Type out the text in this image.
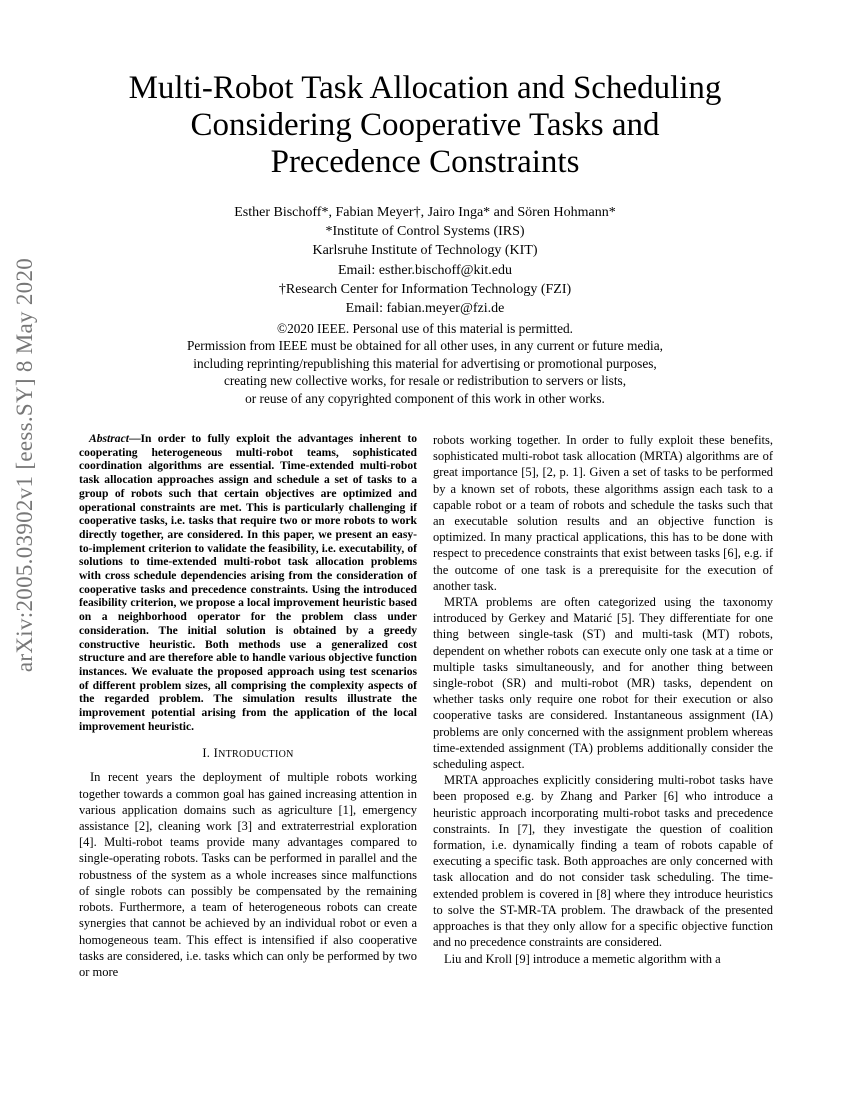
arXiv:2005.03902v1 [eess.SY] 8 May 2020
Multi-Robot Task Allocation and Scheduling
Considering Cooperative Tasks and
Precedence Constraints
Esther Bischoff*, Fabian Meyer†, Jairo Inga* and Sören Hohmann*
*Institute of Control Systems (IRS)
Karlsruhe Institute of Technology (KIT)
Email: esther.bischoff@kit.edu
†Research Center for Information Technology (FZI)
Email: fabian.meyer@fzi.de
©2020 IEEE. Personal use of this material is permitted.
Permission from IEEE must be obtained for all other uses, in any current or future media,
including reprinting/republishing this material for advertising or promotional purposes,
creating new collective works, for resale or redistribution to servers or lists,
or reuse of any copyrighted component of this work in other works.

Abstract—In order to fully exploit the advantages inherent to cooperating heterogeneous multi-robot teams, sophisticated coordination algorithms are essential. Time-extended multi-robot task allocation approaches assign and schedule a set of tasks to a group of robots such that certain objectives are optimized and operational constraints are met. This is particularly challenging if cooperative tasks, i.e. tasks that require two or more robots to work directly together, are considered. In this paper, we present an easy-to-implement criterion to validate the feasibility, i.e. executability, of solutions to time-extended multi-robot task allocation problems with cross schedule dependencies arising from the consideration of cooperative tasks and precedence constraints. Using the introduced feasibility criterion, we propose a local improvement heuristic based on a neighborhood operator for the problem class under consideration. The initial solution is obtained by a greedy constructive heuristic. Both methods use a generalized cost structure and are therefore able to handle various objective function instances. We evaluate the proposed approach using test scenarios of different problem sizes, all comprising the complexity aspects of the regarded problem. The simulation results illustrate the improvement potential arising from the application of the local improvement heuristic.

I. INTRODUCTION

In recent years the deployment of multiple robots working together towards a common goal has gained increasing attention in various application domains such as agriculture [1], emergency assistance [2], cleaning work [3] and extraterrestrial exploration [4]. Multi-robot teams provide many advantages compared to single-operating robots. Tasks can be performed in parallel and the robustness of the system as a whole increases since malfunctions of single robots can possibly be compensated by the remaining robots. Furthermore, a team of heterogeneous robots can create synergies that cannot be achieved by an individual robot or even a homogeneous team. This effect is intensified if also cooperative tasks are considered, i.e. tasks which can only be performed by two or more

robots working together. In order to fully exploit these benefits, sophisticated multi-robot task allocation (MRTA) algorithms are of great importance [5], [2, p. 1]. Given a set of tasks to be performed by a known set of robots, these algorithms assign each task to a capable robot or a team of robots and schedule the tasks such that an executable solution results and an objective function is optimized. In many practical applications, this has to be done with respect to precedence constraints that exist between tasks [6], e.g. if the outcome of one task is a prerequisite for the execution of another task.

MRTA problems are often categorized using the taxonomy introduced by Gerkey and Matarić [5]. They differentiate for one thing between single-task (ST) and multi-task (MT) robots, dependent on whether robots can execute only one task at a time or multiple tasks simultaneously, and for another thing between single-robot (SR) and multi-robot (MR) tasks, dependent on whether tasks only require one robot for their execution or also cooperative tasks are considered. Instantaneous assignment (IA) problems are only concerned with the assignment problem whereas time-extended assignment (TA) problems additionally consider the scheduling aspect.

MRTA approaches explicitly considering multi-robot tasks have been proposed e.g. by Zhang and Parker [6] who introduce a heuristic approach incorporating multi-robot tasks and precedence constraints. In [7], they investigate the question of coalition formation, i.e. dynamically finding a team of robots capable of executing a specific task. Both approaches are only concerned with task allocation and do not consider task scheduling. The time-extended problem is covered in [8] where they introduce heuristics to solve the ST-MR-TA problem. The drawback of the presented approaches is that they only allow for a specific objective function and no precedence constraints are considered.

Liu and Kroll [9] introduce a memetic algorithm with a
